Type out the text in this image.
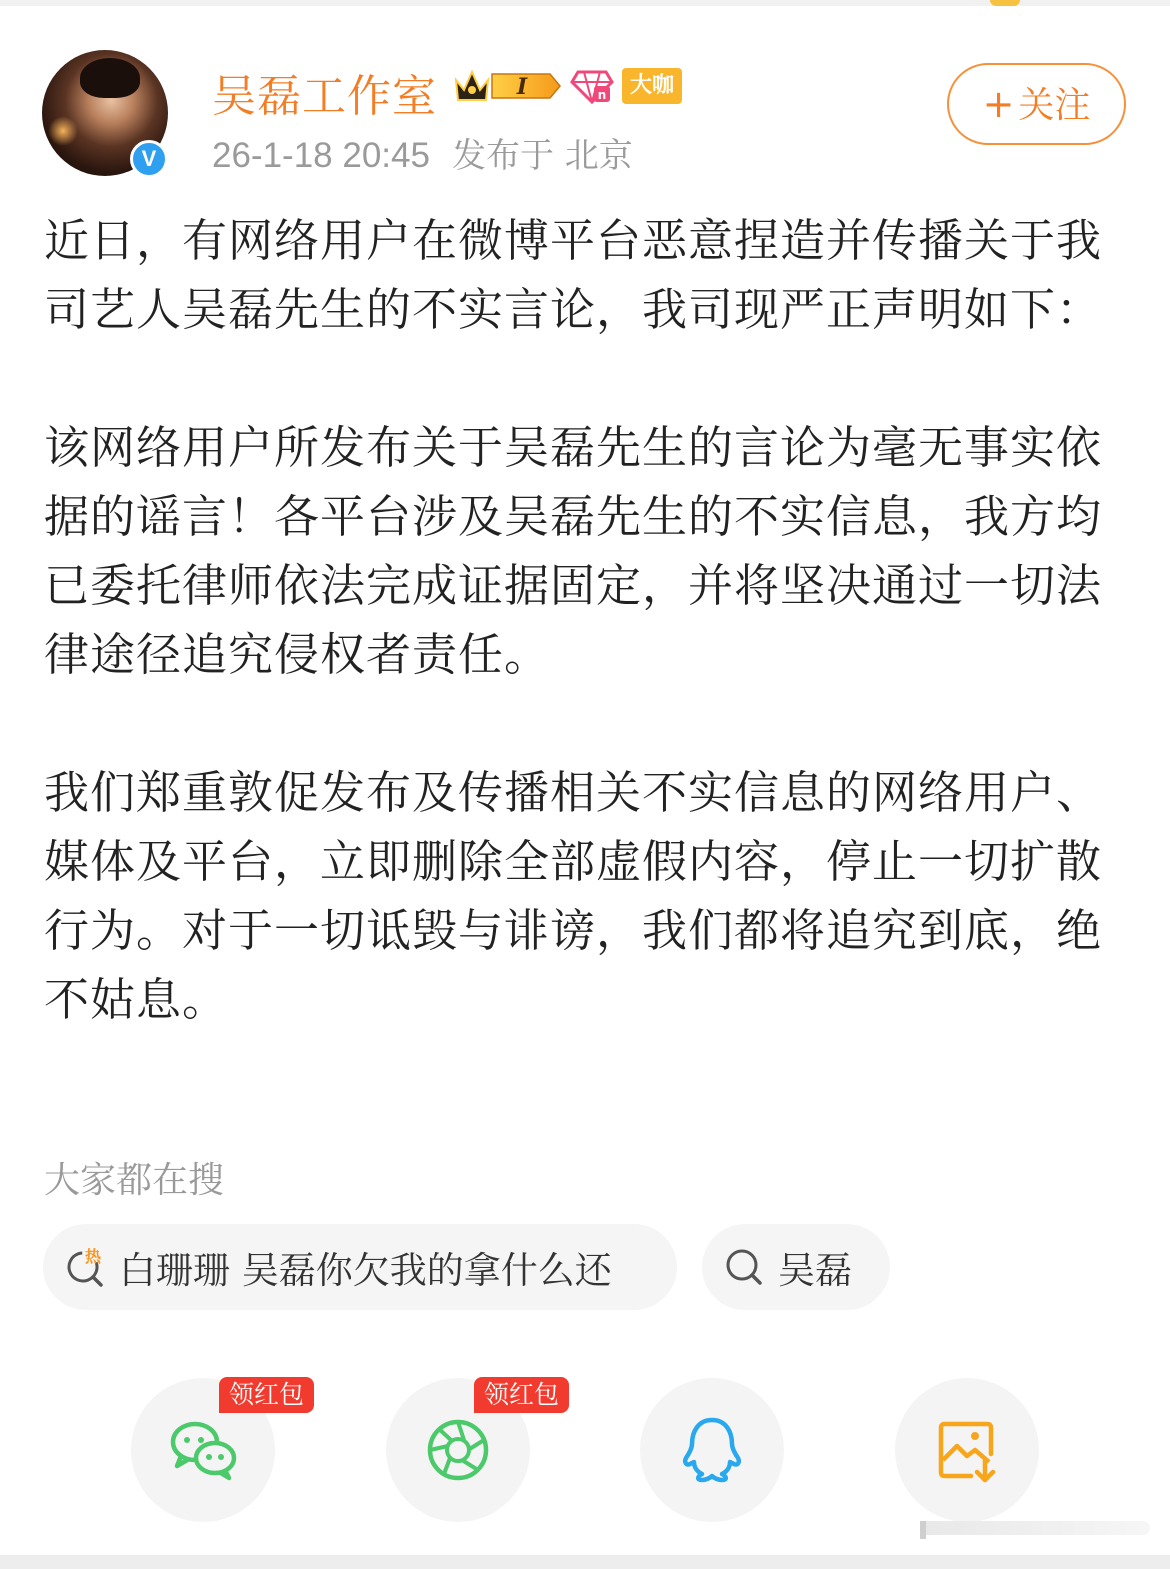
V
吴磊工作室	I	n	大咖
26-1-18 20:45 发布于 北京
+ 关注

近日，有网络用户在微博平台恶意捏造并传播关于我司艺人吴磊先生的不实言论，我司现严正声明如下：

该网络用户所发布关于吴磊先生的言论为毫无事实依据的谣言！各平台涉及吴磊先生的不实信息，我方均已委托律师依法完成证据固定，并将坚决通过一切法律途径追究侵权者责任。

我们郑重敦促发布及传播相关不实信息的网络用户、媒体及平台，立即删除全部虚假内容，停止一切扩散行为。对于一切诋毁与诽谤，我们都将追究到底，绝不姑息。

大家都在搜
热 白珊珊 吴磊你欠我的拿什么还	吴磊
领红包	领红包
